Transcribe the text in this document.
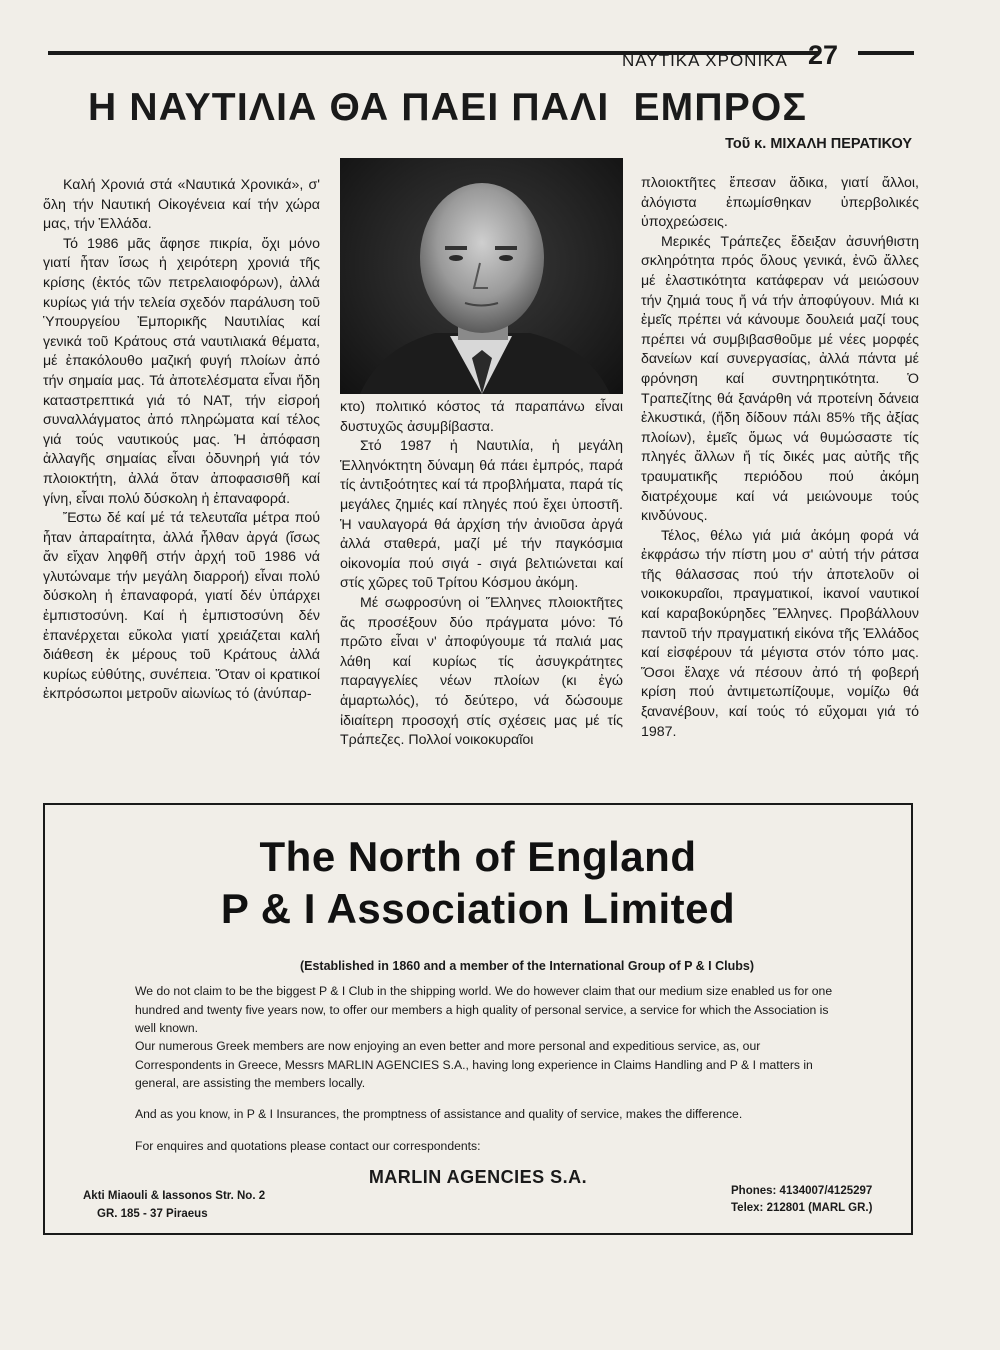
ΝΑΥΤΙΚΑ ΧΡΟΝΙΚΑ 27
Η ΝΑΥΤΙΛΙΑ ΘΑ ΠΑΕΙ ΠΑΛΙ  ΕΜΠΡΟΣ
Τοῦ κ. ΜΙΧΑΛΗ ΠΕΡΑΤΙΚΟΥ

Καλή Χρονιά στά «Ναυτικά Χρονικά», σ' ὅλη τήν Ναυτική Οἰκογένεια καί τήν χώρα μας, τήν Ἑλλάδα.

Τό 1986 μᾶς ἄφησε πικρία, ὄχι μόνο γιατί ἦταν ἴσως ἡ χειρότερη χρονιά τῆς κρίσης (ἐκτός τῶν πετρελαιοφόρων), ἀλλά κυρίως γιά τήν τελεία σχεδόν παράλυση τοῦ Ὑπουργείου Ἐμπορικῆς Ναυτιλίας καί γενικά τοῦ Κράτους στά ναυτιλιακά θέματα, μέ ἐπακόλουθο μαζική φυγή πλοίων ἀπό τήν σημαία μας. Τά ἀποτελέσματα εἶναι ἤδη καταστρεπτικά γιά τό ΝΑΤ, τήν εἰσροή συναλλάγματος ἀπό πληρώματα καί τέλος γιά τούς ναυτικούς μας. Ἡ ἀπόφαση ἀλλαγῆς σημαίας εἶναι ὀδυνηρή γιά τόν πλοιοκτήτη, ἀλλά ὅταν ἀποφασισθῆ καί γίνη, εἶναι πολύ δύσκολη ἡ ἐπαναφορά.

Ἔστω δέ καί μέ τά τελευταῖα μέτρα πού ἦταν ἀπαραίτητα, ἀλλά ἦλθαν ἀργά (ἴσως ἄν εἴχαν ληφθῆ στήν ἀρχή τοῦ 1986 νά γλυτώναμε τήν μεγάλη διαρροή) εἶναι πολύ δύσκολη ἡ ἐπαναφορά, γιατί δέν ὑπάρχει ἐμπιστοσύνη. Καί ἡ ἐμπιστοσύνη δέν ἐπανέρχεται εὔκολα γιατί χρειάζεται καλή διάθεση ἐκ μέρους τοῦ Κράτους ἀλλά κυρίως εὐθύτης, συνέπεια. Ὅταν οἱ κρατικοί ἐκπρόσωποι μετροῦν αἰωνίως τό (ἀνύπαρ-

κτο) πολιτικό κόστος τά παραπάνω εἶναι δυστυχῶς ἀσυμβίβαστα.

Στό 1987 ἡ Ναυτιλία, ἡ μεγάλη Ἑλληνόκτητη δύναμη θά πάει ἐμπρός, παρά τίς ἀντιξοότητες καί τά προβλήματα, παρά τίς μεγάλες ζημιές καί πληγές πού ἔχει ὑποστῆ. Ἡ ναυλαγορά θά ἀρχίση τήν ἀνιοῦσα ἀργά ἀλλά σταθερά, μαζί μέ τήν παγκόσμια οἰκονομία πού σιγά - σιγά βελτιώνεται καί στίς χῶρες τοῦ Τρίτου Κόσμου ἀκόμη.

Μέ σωφροσύνη οἱ Ἕλληνες πλοιοκτῆτες ἄς προσέξουν δύο πράγματα μόνο: Τό πρῶτο εἶναι ν' ἀποφύγουμε τά παλιά μας λάθη καί κυρίως τίς ἀσυγκράτητες παραγγελίες νέων πλοίων (κι ἐγώ ἁμαρτωλός), τό δεύτερο, νά δώσουμε ἰδιαίτερη προσοχή στίς σχέσεις μας μέ τίς Τράπεζες. Πολλοί νοικοκυραῖοι

πλοιοκτῆτες ἔπεσαν ἄδικα, γιατί ἄλλοι, ἀλόγιστα ἐπωμίσθηκαν ὑπερβολικές ὑποχρεώσεις.

Μερικές Τράπεζες ἔδειξαν ἀσυνήθιστη σκληρότητα πρός ὅλους γενικά, ἐνῶ ἄλλες μέ ἐλαστικότητα κατάφεραν νά μειώσουν τήν ζημιά τους ἤ νά τήν ἀποφύγουν. Μιά κι ἐμεῖς πρέπει νά κάνουμε δουλειά μαζί τους πρέπει νά συμβιβασθοῦμε μέ νέες μορφές δανείων καί συνεργασίας, ἀλλά πάντα μέ φρόνηση καί συντηρητικότητα. Ὁ Τραπεζίτης θά ξανάρθη νά προτείνη δάνεια ἑλκυστικά, (ἤδη δίδουν πάλι 85% τῆς ἀξίας πλοίων), ἐμεῖς ὅμως νά θυμώσαστε τίς πληγές ἄλλων ἤ τίς δικές μας αὐτῆς τῆς τραυματικῆς περιόδου πού ἀκόμη διατρέχουμε καί νά μειώνουμε τούς κινδύνους.

Τέλος, θέλω γιά μιά ἀκόμη φορά νά ἐκφράσω τήν πίστη μου σ' αὐτή τήν ράτσα τῆς θάλασσας πού τήν ἀποτελοῦν οἱ νοικοκυραῖοι, πραγματικοί, ἱκανοί ναυτικοί καί καραβοκύρηδες Ἕλληνες. Προβάλλουν παντοῦ τήν πραγματική εἰκόνα τῆς Ἑλλάδος καί εἰσφέρουν τά μέγιστα στόν τόπο μας. Ὅσοι ἔλαχε νά πέσουν ἀπό τή φοβερή κρίση πού ἀντιμετωπίζουμε, νομίζω θά ξανανέβουν, καί τούς τό εὔχομαι γιά τό 1987.

The North of England
P & I Association Limited
(Established in 1860 and a member of the International Group of P & I Clubs)
We do not claim to be the biggest P & I Club in the shipping world. We do however claim that our medium size enabled us for one hundred and twenty five years now, to offer our members a high quality of personal service, a service for which the Association is well known.
Our numerous Greek members are now enjoying an even better and more personal and expeditious service, as, our Correspondents in Greece, Messrs MARLIN AGENCIES S.A., having long experience in Claims Handling and P & I matters in general, are assisting the members locally.
And as you know, in P & I Insurances, the promptness of assistance and quality of service, makes the difference.
For enquires and quotations please contact our correspondents:
MARLIN AGENCIES S.A.
Akti Miaouli & Iassonos Str. No. 2
GR. 185 - 37 Piraeus
Phones: 4134007/4125297
Telex: 212801 (MARL GR.)
